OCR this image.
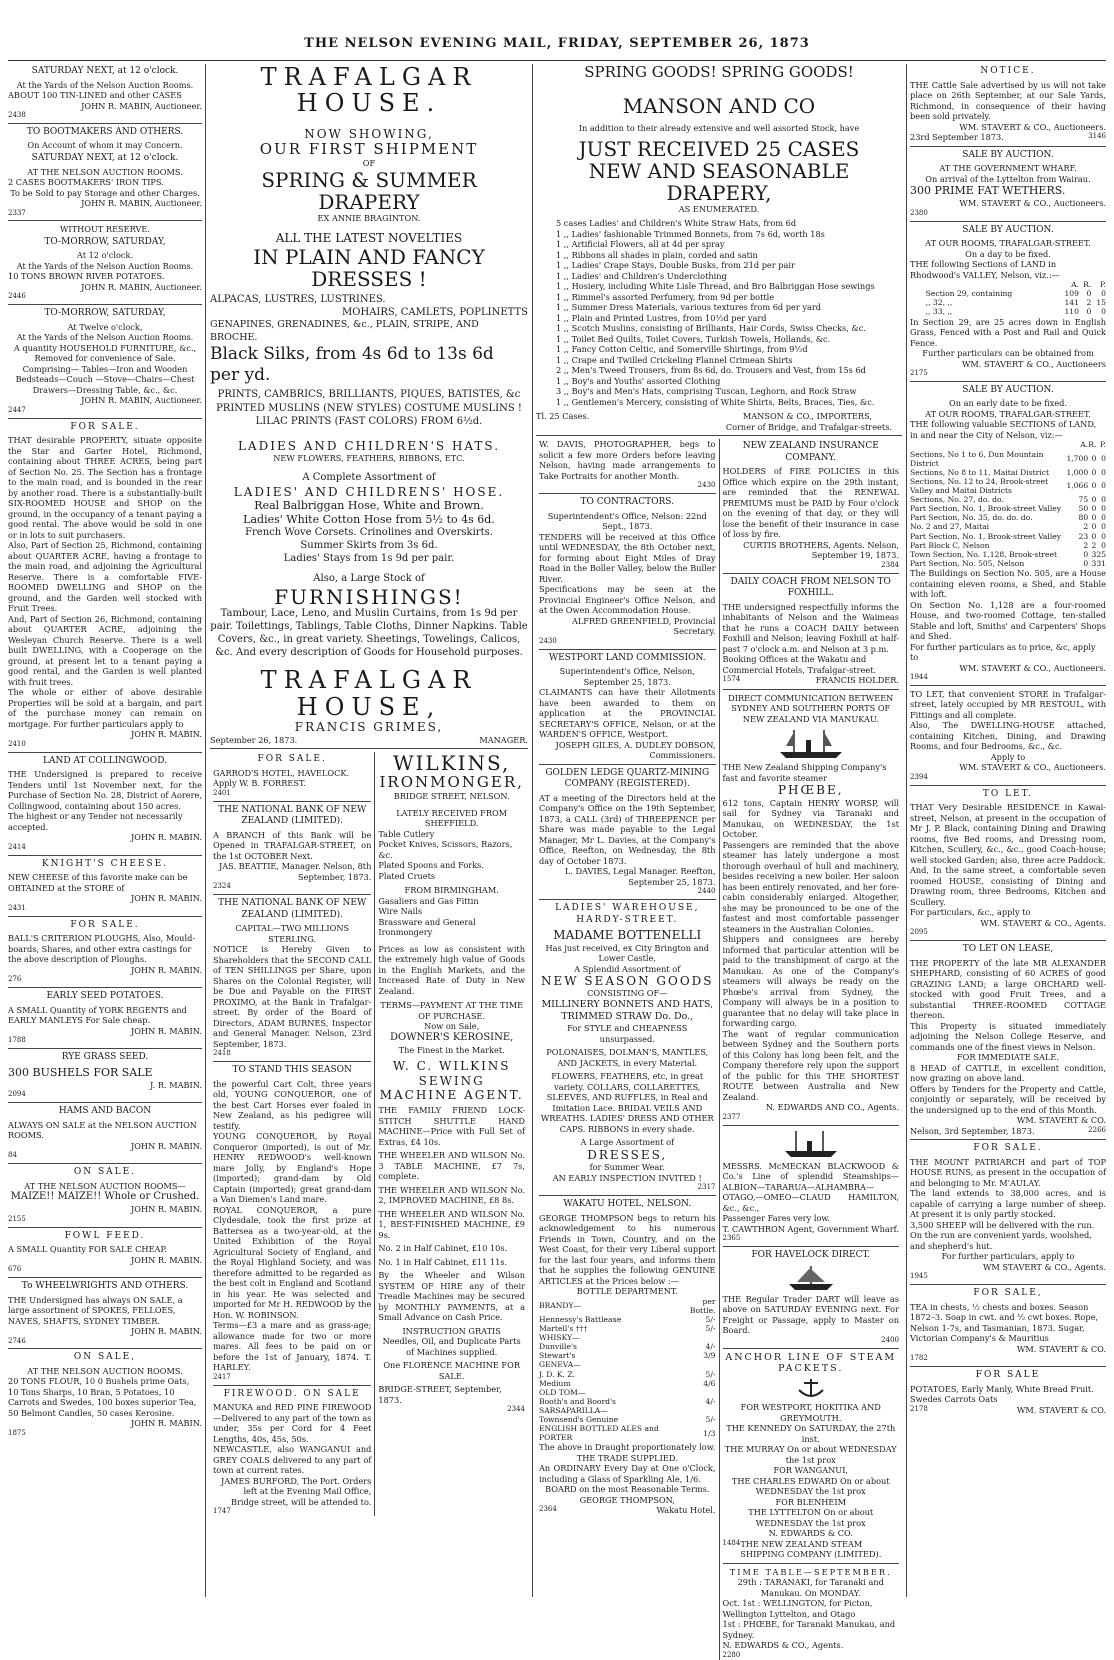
THE NELSON EVENING MAIL, FRIDAY, SEPTEMBER 26, 1873
SATURDAY NEXT, at 12 o'clock.
At the Yards of the Nelson Auction Rooms.
ABOUT 100 TIN-LINED and other CASES
JOHN R. MABIN, Auctioneer.
2438
TO BOOTMAKERS AND OTHERS.
On Account of whom it may Concern.
SATURDAY NEXT, at 12 o'clock.
AT THE NELSON AUCTION ROOMS.
2 CASES BOOTMAKERS' IRON TIPS.
To be Sold to pay Storage and other Charges.
JOHN R. MABIN, Auctioneer.
2337
WITHOUT RESERVE.
TO-MORROW, SATURDAY,
At 12 o'clock.
At the Yards of the Nelson Auction Rooms.
10 TONS BROWN RIVER POTATOES.
JOHN R. MABIN, Auctioneer.
2446
TO-MORROW, SATURDAY,
At Twelve o'clock,
At the Yards of the Nelson Auction Rooms.
A quantity HOUSEHOLD FURNITURE, &c., Removed for convenience of Sale.
Comprising— Tables—Iron and Wooden Bedsteads—Couch —Stove—Chairs—Chest Drawers—Dressing Table, &c., &c.
JOHN R. MABIN, Auctioneer.
2447
FOR SALE.
THAT desirable PROPERTY, situate opposite the Star and Garter Hotel, Richmond, containing about THREE ACRES, being part of Section No. 25. The Section has a frontage to the main road, and is bounded in the rear by another road. There is a substantially-built SIX-ROOMED HOUSE and SHOP on the ground, in the occupancy of a tenant paying a good rental. The above would be sold in one or in lots to suit purchasers.
Also, Part of Section 25, Richmond, containing about QUARTER ACRE, having a frontage to the main road, and adjoining the Agricultural Reserve. There is a comfortable FIVE-ROOMED DWELLING and SHOP on the ground, and the Garden well stocked with Fruit Trees.
And, Part of Section 26, Richmond, containing about QUARTER ACRE, adjoining the Wesleyan Church Reserve. There is a well built DWELLING, with a Cooperage on the ground, at present let to a tenant paying a good rental, and the Garden is well planted with fruit trees.
The whole or either of above desirable Properties will be sold at a bargain, and part of the purchase money can remain on mortgage. For further particulars apply to
JOHN R. MABIN.
2410
LAND AT COLLINGWOOD.
THE Undersigned is prepared to receive Tenders until 1st November next, for the Purchase of Section No. 28, District of Aorere, Collingwood, containing about 150 acres.
The highest or any Tender not necessarily accepted.
JOHN R. MABIN.
2414
KNIGHT'S CHEESE.
NEW CHEESE of this favorite make can be OBTAINED at the STORE of
JOHN R. MABIN.
2431
FOR SALE.
BALL'S CRITERION PLOUGHS, Also, Mould-boards, Shares, and other extra castings for the above description of Ploughs.
JOHN R. MABIN.
276
EARLY SEED POTATOES.
A SMALL Quantity of YORK REGENTS and EARLY MANLEYS For Sale cheap.
JOHN R. MABIN.
1788
RYE GRASS SEED.
300 BUSHELS FOR SALE
J. R. MABIN.
2094
HAMS AND BACON
ALWAYS ON SALE at the NELSON AUCTION ROOMS.
JOHN R. MABIN.
84
ON SALE.
AT THE NELSON AUCTION ROOMS—
MAIZE!! MAIZE!! Whole or Crushed.
JOHN R. MABIN.
2155
FOWL FEED.
A SMALL Quantity FOR SALE CHEAP.
JOHN R. MABIN.
676
To WHEELWRIGHTS AND OTHERS.
THE Undersigned has always ON SALE, a large assortment of SPOKES, FELLOES, NAVES, SHAFTS, SYDNEY TIMBER.
JOHN R. MABIN.
2746
ON SALE,
AT THE NELSON AUCTION ROOMS.
20 TONS FLOUR, 10 0 Bushels prime Oats, 10 Tons Sharps, 10 Bran, 5 Potatoes, 10 Carrots and Swedes, 100 boxes superior Tea, 50 Belmont Candles, 50 cases Kerosine.
JOHN R. MABIN.
1875
TRAFALGAR HOUSE.
NOW SHOWING,
OUR FIRST SHIPMENT
OF
SPRING & SUMMER DRAPERY
EX ANNIE BRAGINTON.
ALL THE LATEST NOVELTIES
IN PLAIN AND FANCY DRESSES !
ALPACAS, LUSTRES, LUSTRINES.
MOHAIRS, CAMLETS, POPLINETTS
GENAPINES, GRENADINES, &c., PLAIN, STRIPE, AND BROCHE.
Black Silks, from 4s 6d to 13s 6d per yd.
PRINTS, CAMBRICS, BRILLIANTS, PIQUES, BATISTES, &c
PRINTED MUSLINS (NEW STYLES) COSTUME MUSLINS !
LILAC PRINTS (FAST COLORS) FROM 6½d.
LADIES AND CHILDREN'S HATS.
NEW FLOWERS, FEATHERS, RIBBONS, ETC.
A Complete Assortment of
LADIES' AND CHILDRENS' HOSE.
Real Balbriggan Hose, White and Brown.
Ladies' White Cotton Hose from 5½ to 4s 6d.
French Wove Corsets. Crinolines and Overskirts.
Summer Skirts from 3s 6d.
Ladies' Stays from 1s 9d per pair.
Also, a Large Stock of
FURNISHINGS!
Tambour, Lace, Leno, and Muslin Curtains, from 1s 9d per pair. Toilettings, Tablings, Table Cloths, Dinner Napkins. Table Covers, &c., in great variety. Sheetings, Towelings, Calicos, &c. And every description of Goods for Household purposes.
TRAFALGAR HOUSE,
FRANCIS GRIMES,
September 26, 1873.	MANAGER.
FOR SALE.
GARROD'S HOTEL, HAVELOCK. Apply W. B. FORREST.
2401
THE NATIONAL BANK OF NEW ZEALAND (LIMITED).
A BRANCH of this Bank will be Opened in TRAFALGAR-STREET, on the 1st OCTOBER Next.
JAS. BEATTIE, Manager. Nelson, 8th September, 1873.
2324
THE NATIONAL BANK OF NEW ZEALAND (LIMITED).
CAPITAL—TWO MILLIONS STERLING.
NOTICE is Hereby Given to Shareholders that the SECOND CALL of TEN SHILLINGS per Share, upon Shares on the Colonial Register, will be Due and Payable on the FIRST PROXIMO, at the Bank in Trafalgar-street. By order of the Board of Directors, ADAM BURNES, Inspector and General Manager. Nelson, 23rd September, 1873.
2418
TO STAND THIS SEASON
the powerful Cart Colt, three years old, YOUNG CONQUEROR, one of the best Cart Horses ever foaled in New Zealand, as his pedigree will testify.
YOUNG CONQUEROR, by Royal Conqueror (imported), is out of Mr. HENRY REDWOOD's well-known mare Jolly, by England's Hope (imported); grand-dam by Old Captain (imported); great grand-dam a Van Diemen's Land mare.
ROYAL CONQUEROR, a pure Clydesdale, took the first prize at Battersea as a two-year-old, at the United Exhibition of the Royal Agricultural Society of England, and the Royal Highland Society, and was therefore admitted to be regarded as the best colt in England and Scotland in his year. He was selected and imported for Mr H. REDWOOD by the Hon. W. ROBINSON.
Terms—£3 a mare and as grass-age; allowance made for two or more mares. All fees to be paid on or before the 1st of January, 1874. T. HARLEY.
2417
FIREWOOD. ON SALE
MANUKA and RED PINE FIREWOOD—Delivered to any part of the town as under, 35s per Cord for 4 Feet Lengths, 40s, 45s, 50s.
NEWCASTLE, also WANGANUI and GREY COALS delivered to any part of town at current rates.
JAMES BURFORD, The Port. Orders left at the Evening Mail Office, Bridge street, will be attended to.
1747
WILKINS,
IRONMONGER,
BRIDGE STREET, NELSON.
LATELY RECEIVED FROM SHEFFIELD.
Table Cutlery
Pocket Knives, Scissors, Razors, &c.
Plated Spoons and Forks.
Plated Cruets
FROM BIRMINGHAM.
Gasaliers and Gas Fittin
Wire Nails
Brassware and General Ironmongery
Prices as low as consistent with the extremely high value of Goods in the English Markets, and the Increased Rate of Duty in New Zealand.
TERMS—PAYMENT AT THE TIME OF PURCHASE.
Now on Sale,
DOWNER'S KEROSINE,
The Finest in the Market.
W. C. WILKINS
SEWING MACHINE AGENT.
THE FAMILY FRIEND LOCK-STITCH SHUTTLE HAND MACHINE—Price with Full Set of Extras, £4 10s.
THE WHEELER AND WILSON No. 3 TABLE MACHINE, £7 7s, complete.
THE WHEELER AND WILSON No. 2, IMPROVED MACHINE, £8 8s.
THE WHEELER AND WILSON No. 1, BEST-FINISHED MACHINE, £9 9s.
No. 2 in Half Cabinet, £10 10s.
No. 1 in Half Cabinet, £11 11s.
By the Wheeler and Wilson SYSTEM OF HIRE any of their Treadle Machines may be secured by MONTHLY PAYMENTS, at a Small Advance on Cash Price.
INSTRUCTION GRATIS
Needles, Oil, and Duplicate Parts of Machines supplied.
One FLORENCE MACHINE FOR SALE.
BRIDGE-STREET, September, 1873.
2344
SPRING GOODS! SPRING GOODS!
MANSON AND CO
In addition to their already extensive and well assorted Stock, have
JUST RECEIVED 25 CASES
NEW AND SEASONABLE DRAPERY,
AS ENUMERATED.
5 cases Ladies' and Children's White Straw Hats, from 6d
1 ,, Ladies' fashionable Trimmed Bonnets, from 7s 6d, worth 18s
1 ,, Artificial Flowers, all at 4d per spray
1 ,, Ribbons all shades in plain, corded and satin
1 ,, Ladies' Crape Stays, Double Busks, from 21d per pair
1 ,, Ladies' and Children's Underclothing
1 ,, Hosiery, including White Lisle Thread, and Bro Balbriggan Hose sewings
1 ,, Rimmel's assorted Perfumery, from 9d per bottle
1 ,, Summer Dress Materials, various textures from 6d per yard
1 ,, Plain and Printed Lustres, from 10½d per yard
1 ,, Scotch Muslins, consisting of Brilliants, Hair Cords, Swiss Checks, &c.
1 ,, Toilet Bed Quilts, Toilet Covers, Turkish Towels, Hollands, &c.
1 ,, Fancy Cotton Celtic, and Somerville Shirtings, from 9½d
1 ,, Crape and Twilled Crickeling Flannel Crimean Shirts
2 ,, Men's Tweed Trousers, from 8s 6d, do. Trousers and Vest, from 15s 6d
1 ,, Boy's and Youths' assorted Clothing
3 ,, Boy's and Men's Hats, comprising Tuscan, Leghorn, and Rock Straw
1 ,, Gentlemen's Mercery, consisting of White Shirts, Belts, Braces, Ties, &c.
Tl. 25 Cases.	MANSON & CO., IMPORTERS,
Corner of Bridge, and Trafalgar-streets.
W. DAVIS, PHOTOGRAPHER, begs to solicit a few more Orders before leaving Nelson, having made arrangements to Take Portraits for another Month.
2430
TO CONTRACTORS.
Superintendent's Office, Nelson: 22nd Sept., 1873.
TENDERS will be received at this Office until WEDNESDAY, the 8th October next, for forming about Eight Miles of Dray Road in the Boller Valley, below the Buller River.
Specifications may be seen at the Provincial Engineer's Office Nelson, and at the Owen Accommodation House.
ALFRED GREENFIELD, Provincial Secretary.
2430
WESTPORT LAND COMMISSION.
Superintendent's Office, Nelson, September 25, 1873.
CLAIMANTS can have their Allotments have been awarded to them on application at the PROVINCIAL SECRETARY'S OFFICE, Nelson, or at the WARDEN'S OFFICE, Westport.
JOSEPH GILES, A. DUDLEY DOBSON, Commissioners.
GOLDEN LEDGE QUARTZ-MINING COMPANY (REGISTERED).
AT a meeting of the Directors held at the Company's Office on the 19th September, 1873, a CALL (3rd) of THREEPENCE per Share was made payable to the Legal Manager, Mr L. Davies, at the Company's Office, Reefton, on Wednesday, the 8th day of October 1873.
L. DAVIES, Legal Manager. Reefton, September 25, 1873.
2440
LADIES' WAREHOUSE, HARDY-STREET.
MADAME BOTTENELLI
Has just received, ex City Brington and Lower Castle,
A Splendid Assortment of
NEW SEASON GOODS
CONSISTING OF—
MILLINERY BONNETS AND HATS, TRIMMED STRAW Do. Do.,
For STYLE and CHEAPNESS unsurpassed.
POLONAISES, DOLMAN'S, MANTLES, AND JACKETS, in every Material.
FLOWERS, FEATHERS, etc, in great variety. COLLARS, COLLARETTES, SLEEVES, AND RUFFLES, in Real and Imitation Lace. BRIDAL VEILS AND WREATHS. LADIES' DRESS AND OTHER CAPS. RIBBONS in every shade.
A Large Assortment of
DRESSES,
for Summer Wear.
AN EARLY INSPECTION INVITED !
2317
WAKATU HOTEL, NELSON.
GEORGE THOMPSON begs to return his acknowledgement to his numerous Friends in Town, Country, and on the West Coast, for their very Liberal support for the last four years, and informs them that he supplies the following GENUINE ARTICLES at the Prices below :—
BOTTLE DEPARTMENT.
BRANDY—	per Bottle.
Hennessy's Battleaxe	5/-
Martell's †††	5/-
WHISKY—	
Dunville's	4/-
Stewart's	3/9
GENEVA—	
J. D. K. Z.	5/-
Medium	4/6
OLD TOM—	
Booth's and Boord's	4/-
SARSAPARILLA—	
Townsend's Genuine	5/-
ENGLISH BOTTLED ALES and PORTER	1/3
The above in Draught proportionately low.
THE TRADE SUPPLIED.
An ORDINARY Every Day at One o'Clock, including a Glass of Sparkling Ale, 1/6.
BOARD on the most Reasonable Terms.
GEORGE THOMPSON,
2364	Wakatu Hotel.
NEW ZEALAND INSURANCE COMPANY.
HOLDERS of FIRE POLICIES in this Office which expire on the 29th instant, are reminded that the RENEWAL PREMIUMS must be PAID by Four o'clock on the evening of that day, or they will lose the benefit of their insurance in case of loss by fire.
CURTIS BROTHERS, Agents. Nelson, September 19, 1873.
2384
DAILY COACH FROM NELSON TO FOXHILL.
THE undersigned respectfully informs the inhabitants of Nelson and the Waimeas that he runs a COACH DAILY between Foxhill and Nelson; leaving Foxhill at half-past 7 o'clock a.m. and Nelson at 3 p.m.
Booking Offices at the Wakatu and Commercial Hotels, Trafalgar-street.
1574	FRANCIS HOLDER.
DIRECT COMMUNICATION BETWEEN SYDNEY AND SOUTHERN PORTS OF NEW ZEALAND VIA MANUKAU.
THE New Zealand Shipping Company's fast and favorite steamer
PHŒBE,
612 tons, Captain HENRY WORSP, will sail for Sydney via Taranaki and Manukau, on WEDNESDAY, the 1st October.
Passengers are reminded that the above steamer has lately undergone a most thorough overhaul of hull and machinery, besides receiving a new boiler. Her saloon has been entirely renovated, and her fore-cabin considerably enlarged. Altogether, she may be pronounced to be one of the fastest and most comfortable passenger steamers in the Australian Colonies.
Shippers and consignees are hereby informed that particular attention will be paid to the transhipment of cargo at the Manukau. As one of the Company's steamers will always be ready on the Phœbe's arrival from Sydney, the Company will always be in a position to guarantee that no delay will take place in forwarding cargo.
The want of regular communication between Sydney and the Southern ports of this Colony has long been felt, and the Company therefore rely upon the support of the public for this THE SHORTEST ROUTE between Australia and New Zealand.
N. EDWARDS AND CO., Agents.
2377
MESSRS. McMECKAN BLACKWOOD & Co.'s Line of splendid Steamships—ALBION—TARARUA—ALHAMBRA—OTAGO,—OMEO—CLAUD HAMILTON, &c., &c.,
Passenger Fares very low.
T. CAWTHRON Agent, Government Wharf.
2365
FOR HAVELOCK DIRECT.
THE Regular Trader DART will leave as above on SATURDAY EVENING next. For Freight or Passage, apply to Master on Board.
2400
ANCHOR LINE OF STEAM PACKETS.
FOR WESTPORT, HOKITIKA AND GREYMOUTH.
THE KENNEDY On SATURDAY, the 27th inst.
THE MURRAY On or about WEDNESDAY the 1st prox
FOR WANGANUI,
THE CHARLES EDWARD On or about WEDNESDAY the 1st prox
FOR BLENHEIM
THE LYTTELTON On or about WEDNESDAY the 1st prox
N. EDWARDS & CO.
1484 THE NEW ZEALAND STEAM SHIPPING COMPANY (LIMITED).
TIME TABLE—SEPTEMBER.
29th : TARANAKI, for Taranaki and Manukau. On MONDAY.
Oct. 1st : WELLINGTON, for Picton, Wellington Lyttelton, and Otago
1st : PHŒBE, for Taranaki Manukau, and Sydney.
N. EDWARDS & CO., Agents.
2280
NOTICE.
THE Cattle Sale advertised by us will not take place on 26th September, at our Sale Yards, Richmond, in consequence of their having been sold privately.
WM. STAVERT & CO., Auctioneers.
23rd September 1873.	3146
SALE BY AUCTION.
AT THE GOVERNMENT WHARF.
On arrival of the Lyttelton from Wairau.
300 PRIME FAT WETHERS.
WM. STAVERT & CO., Auctioneers.
2380
SALE BY AUCTION.
AT OUR ROOMS, TRAFALGAR-STREET.
On a day to be fixed.
THE following Sections of LAND in Rhodwood's VALLEY, Nelson, viz.:—
	A.	R.	P.
Section 29, containing	109	0	0
,, 32, ,,	141	2	15
,, 33, ,,	110	0	0
In Section 29, are 25 acres down in English Grass, Fenced with a Post and Rail and Quick Fence.
Further particulars can be obtained from
WM. STAVERT & CO., Auctioneers
2175
SALE BY AUCTION.
On an early date to be fixed.
AT OUR ROOMS, TRAFALGAR-STREET.
THE following valuable SECTIONS of LAND, in and near the City of Nelson, viz:—
	A.	R.	P.
Sections, No 1 to 6, Dun Mountain District	1,700	0	0
Sections, No 8 to 11, Maitai District	1,000	0	0
Sections, No. 12 to 24, Brook-street Valley and Maitai Districts	1,066	0	0
Sections, No. 27, do. do.	75	0	0
Part Section, No. 1, Brook-street Valley	50	0	0
Part Section, No. 35, do. do. do.	80	0	0
No. 2 and 27, Maitai	2	0	0
Part Section, No. 1, Brook-street Valley	23	0	0
Part Block C, Nelson	2	2	0
Town Section, No. 1,128, Brook-street	0	3	25
Part Section, No. 505, Nelson	0	3	31
The Buildings on Section No. 505, are a House containing eleven rooms, a Shed, and Stable with loft.
On Section No. 1,128 are a four-roomed House, and two-roomed Cottage, ten-stalled Stable and loft, Smiths' and Carpenters' Shops and Shed.
For further particulars as to price, &c, apply to
WM. STAVERT & CO., Auctioneers.
1944
TO LET, that convenient STORE in Trafalgar-street, lately occupied by MR RESTOUL, with Fittings and all complete.
Also, The DWELLING-HOUSE attached, containing Kitchen, Dining, and Drawing Rooms, and four Bedrooms, &c., &c.
Apply to
WM. STAVERT & CO., Auctioneers.
2394
TO LET.
THAT Very Desirable RESIDENCE in Kawai-street, Nelson, at present in the occupation of Mr J. P. Black, containing Dining and Drawing rooms, five Bed rooms, and Dressing room, Kitchen, Scullery, &c., &c., good Coach-house; well stocked Garden; also, three acre Paddock.
And, In the same street, a comfortable seven roomed HOUSE, consisting of Dining and Drawing room, three Bedrooms, Kitchen and Scullery.
For particulars, &c., apply to
WM. STAVERT & CO., Agents.
2095
TO LET ON LEASE,
THE PROPERTY of the late MR ALEXANDER SHEPHARD, consisting of 60 ACRES of good GRAZING LAND; a large ORCHARD well-stocked with good Fruit Trees, and a substantial THREE-ROOMED COTTAGE thereon.
This Property is situated immediately adjoining the Nelson College Reserve, and commands one of the finest views in Nelson.
FOR IMMEDIATE SALE.
8 HEAD of CATTLE, in excellent condition, now grazing on above land.
Offers by Tenders for the Property and Cattle, conjointly or separately, will be received by the undersigned up to the end of this Month.
WM. STAVERT & CO.
Nelson, 3rd September, 1873.	2266
FOR SALE.
THE MOUNT PATRIARCH and part of TOP HOUSE RUNS, as present in the occupation of and belonging to Mr. M'AULAY.
The land extends to 38,000 acres, and is capable of carrying a large number of sheep. At present it is only partly stocked.
3,500 SHEEP will be delivered with the run.
On the run are convenient yards, woolshed, and shepherd's hut.
For further particulars, apply to
WM STAVERT & CO., Agents.
1945
FOR SALE,
TEA in chests, ½ chests and boxes. Season 1872–3. Soap in cwt. and ½ cwt boxes. Rope, Nelson 1-7s, and Tasmanian, 1873. Sugar, Victorian Company's & Mauritius
WM. STAVERT & CO.
1782
FOR SALE
POTATOES, Early Manly, White Bread Fruit. Swedes Carrots Oats
2178	WM. STAVERT & CO.
